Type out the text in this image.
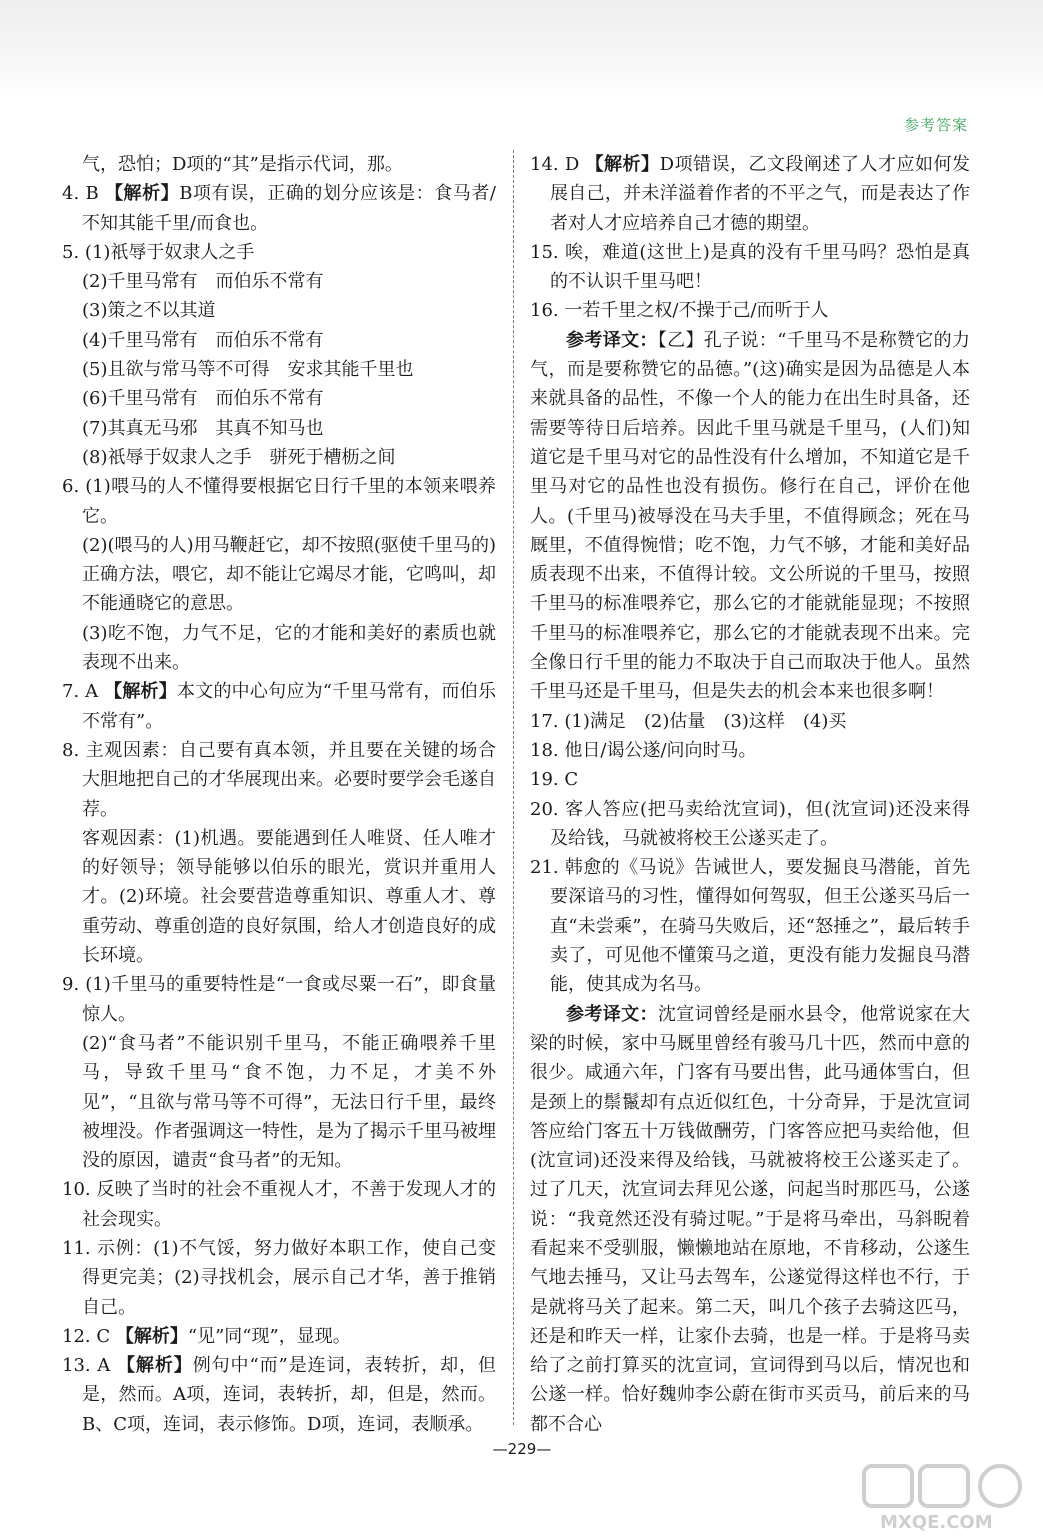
参考答案

气，恐怕；D项的“其”是指示代词，那。

4. B 【解析】B项有误，正确的划分应该是：食马者/不知其能千里/而食也。

5. (1)祇辱于奴隶人之手

(2)千里马常有　而伯乐不常有

(3)策之不以其道

(4)千里马常有　而伯乐不常有

(5)且欲与常马等不可得　安求其能千里也

(6)千里马常有　而伯乐不常有

(7)其真无马邪　其真不知马也

(8)祇辱于奴隶人之手　骈死于槽枥之间

6. (1)喂马的人不懂得要根据它日行千里的本领来喂养它。

(2)(喂马的人)用马鞭赶它，却不按照(驱使千里马的)正确方法，喂它，却不能让它竭尽才能，它鸣叫，却不能通晓它的意思。

(3)吃不饱，力气不足，它的才能和美好的素质也就表现不出来。

7. A 【解析】本文的中心句应为“千里马常有，而伯乐不常有”。

8. 主观因素：自己要有真本领，并且要在关键的场合大胆地把自己的才华展现出来。必要时要学会毛遂自荐。

客观因素：(1)机遇。要能遇到任人唯贤、任人唯才的好领导；领导能够以伯乐的眼光，赏识并重用人才。(2)环境。社会要营造尊重知识、尊重人才、尊重劳动、尊重创造的良好氛围，给人才创造良好的成长环境。

9. (1)千里马的重要特性是“一食或尽粟一石”，即食量惊人。

(2)“食马者”不能识别千里马，不能正确喂养千里马，导致千里马“食不饱，力不足，才美不外见”，“且欲与常马等不可得”，无法日行千里，最终被埋没。作者强调这一特性，是为了揭示千里马被埋没的原因，谴责“食马者”的无知。

10. 反映了当时的社会不重视人才，不善于发现人才的社会现实。

11. 示例：(1)不气馁，努力做好本职工作，使自己变得更完美；(2)寻找机会，展示自己才华，善于推销自己。

12. C 【解析】“见”同“现”，显现。

13. A 【解析】例句中“而”是连词，表转折，却，但是，然而。A项，连词，表转折，却，但是，然而。B、C项，连词，表示修饰。D项，连词，表顺承。

14. D 【解析】D项错误，乙文段阐述了人才应如何发展自己，并未洋溢着作者的不平之气，而是表达了作者对人才应培养自己才德的期望。

15. 唉，难道(这世上)是真的没有千里马吗？恐怕是真的不认识千里马吧！

16. 一若千里之权/不操于己/而听于人

参考译文：【乙】孔子说：“千里马不是称赞它的力气，而是要称赞它的品德。”(这)确实是因为品德是人本来就具备的品性，不像一个人的能力在出生时具备，还需要等待日后培养。因此千里马就是千里马，(人们)知道它是千里马对它的品性没有什么增加，不知道它是千里马对它的品性也没有损伤。修行在自己，评价在他人。(千里马)被辱没在马夫手里，不值得顾念；死在马厩里，不值得惋惜；吃不饱，力气不够，才能和美好品质表现不出来，不值得计较。文公所说的千里马，按照千里马的标准喂养它，那么它的才能就能显现；不按照千里马的标准喂养它，那么它的才能就表现不出来。完全像日行千里的能力不取决于自己而取决于他人。虽然千里马还是千里马，但是失去的机会本来也很多啊！

17. (1)满足　(2)估量　(3)这样　(4)买

18. 他日/谒公遂/问向时马。

19. C

20. 客人答应(把马卖给沈宣词)，但(沈宣词)还没来得及给钱，马就被将校王公遂买走了。

21. 韩愈的《马说》告诫世人，要发掘良马潜能，首先要深谙马的习性，懂得如何驾驭，但王公遂买马后一直“未尝乘”，在骑马失败后，还“怒捶之”，最后转手卖了，可见他不懂策马之道，更没有能力发掘良马潜能，使其成为名马。

参考译文：沈宣词曾经是丽水县令，他常说家在大梁的时候，家中马厩里曾经有骏马几十匹，然而中意的很少。咸通六年，门客有马要出售，此马通体雪白，但是颈上的鬃鬣却有点近似红色，十分奇异，于是沈宣词答应给门客五十万钱做酬劳，门客答应把马卖给他，但(沈宣词)还没来得及给钱，马就被将校王公遂买走了。过了几天，沈宣词去拜见公遂，问起当时那匹马，公遂说：“我竟然还没有骑过呢。”于是将马牵出，马斜睨着看起来不受驯服，懒懒地站在原地，不肯移动，公遂生气地去捶马，又让马去驾车，公遂觉得这样也不行，于是就将马关了起来。第二天，叫几个孩子去骑这匹马，还是和昨天一样，让家仆去骑，也是一样。于是将马卖给了之前打算买的沈宣词，宣词得到马以后，情况也和公遂一样。恰好魏帅李公蔚在街市买贡马，前后来的马都不合心

—229—
MXQE.COM
